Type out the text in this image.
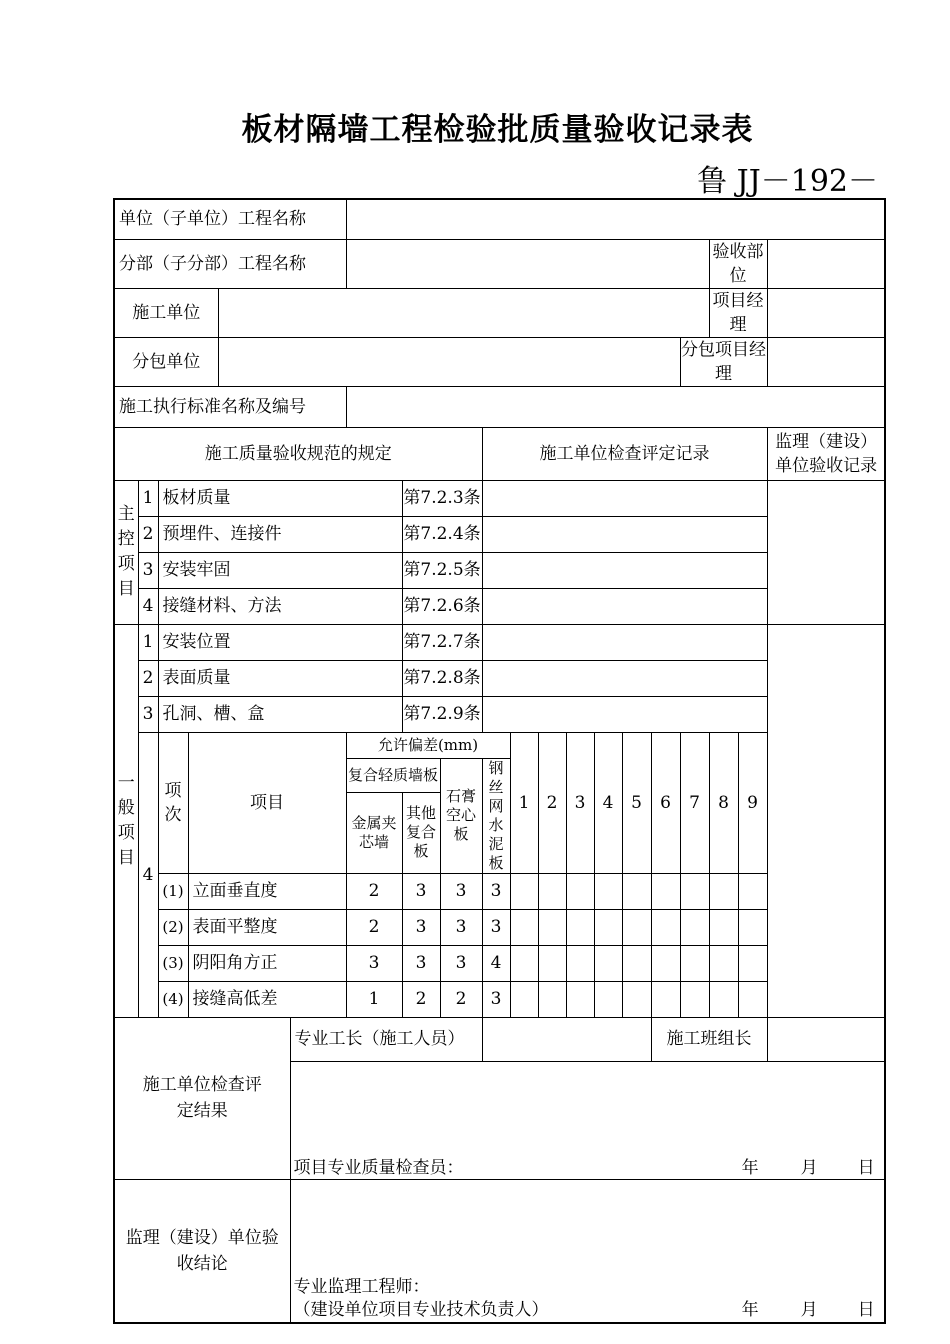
板材隔墙工程检验批质量验收记录表
鲁 JJ－192－
单位（子单位）工程名称																				
分部（子分部）工程名称																	验收部位			
施工单位																	项目经理			
分包单位																分包项目经理				
施工执行标准名称及编号																				
施工质量验收规范的规定									施工单位检查评定记录										监理（建设）单位验收记录	
主控项目	1	板材质量					第7.2.3条													
	2	预埋件、连接件					第7.2.4条													
	3	安装牢固					第7.2.5条													
	4	接缝材料、方法					第7.2.6条													
一般项目	1	安装位置					第7.2.7条													
	2	表面质量					第7.2.8条													
	3	孔洞、槽、盒					第7.2.9条													
	4	项次	项目			允许偏差(mm)				1	2	3	4	5	6	7	8	9	
						复合轻质墙板		石膏空心板	钢丝网水泥板											
						金属夹芯墙	其他复合板													
		(1)	立面垂直度			2	3	3	3											
		(2)	表面平整度			2	3	3	3											
		(3)	阴阳角方正			3	3	3	4											
		(4)	接缝高低差			1	2	2	3											

施工单位检查评定结果					专业工长（施工人员）										施工班组长					

					项目专业质量检查员： 年 月 日															

监理（建设）单位验收结论					专业监理工程师：
（建设单位项目专业技术负责人） 年 月 日															
